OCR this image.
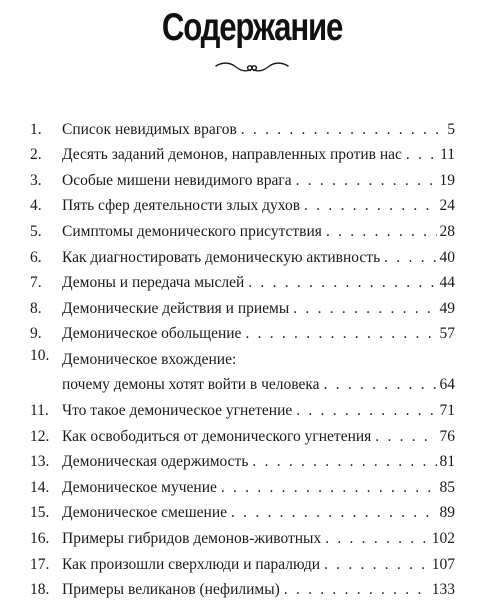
Содержание
1.	Список невидимых врагов . . .	5
2.	Десять заданий демонов, направленных против нас . . . 11
3.	Особые мишени невидимого врага . . .	19
4.	Пять сфер деятельности злых духов . . .	24
5.	Симптомы демонического присутствия . . .	28
6.	Как диагностировать демоническую активность . . .	40
7.	Демоны и передача мыслей . . .	44
8.	Демонические действия и приемы . . .	49
9.	Демоническое обольщение . . .	57
10. Демоническое вхождение:
почему демоны хотят войти в человека . . .	64
11. Что такое демоническое угнетение . . .	71
12. Как освободиться от демонического угнетения . . .	76
13. Демоническая одержимость . . .	81
14. Демоническое мучение . . .	85
15. Демоническое смешение . . .	89
16. Примеры гибридов демонов-животных . . .	102
17. Как произошли сверхлюди и паралюди . . .	107
18. Примеры великанов (нефилимы) . . .	133
